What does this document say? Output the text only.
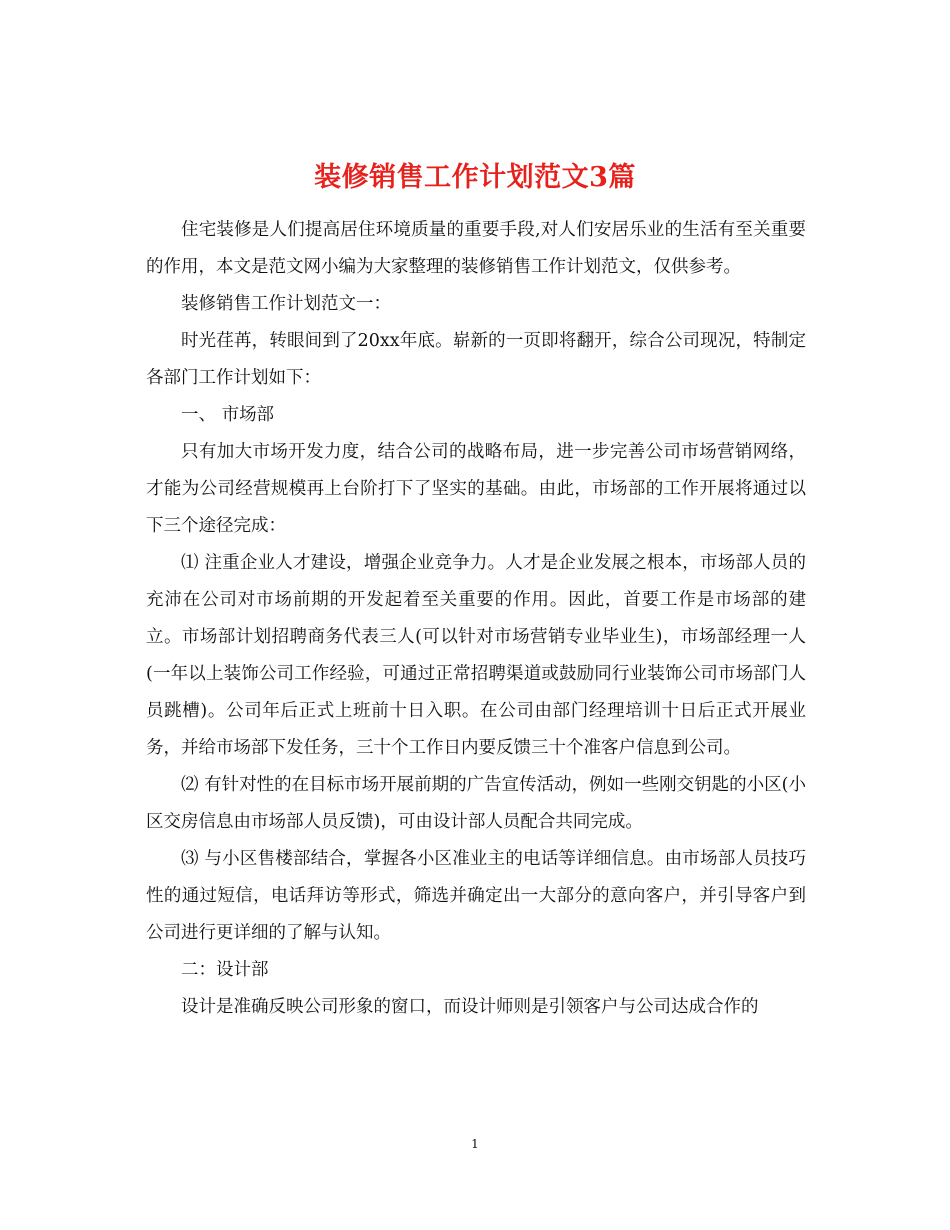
装修销售工作计划范文3篇

住宅装修是人们提高居住环境质量的重要手段,对人们安居乐业的生活有至关重要的作用，本文是范文网小编为大家整理的装修销售工作计划范文，仅供参考。

装修销售工作计划范文一：

时光荏苒，转眼间到了20xx年底。崭新的一页即将翻开，综合公司现况，特制定各部门工作计划如下：

一、 市场部

只有加大市场开发力度，结合公司的战略布局，进一步完善公司市场营销网络，才能为公司经营规模再上台阶打下了坚实的基础。由此，市场部的工作开展将通过以下三个途径完成：

⑴ 注重企业人才建设，增强企业竞争力。人才是企业发展之根本，市场部人员的充沛在公司对市场前期的开发起着至关重要的作用。因此，首要工作是市场部的建立。市场部计划招聘商务代表三人(可以针对市场营销专业毕业生)，市场部经理一人(一年以上装饰公司工作经验，可通过正常招聘渠道或鼓励同行业装饰公司市场部门人员跳槽)。公司年后正式上班前十日入职。在公司由部门经理培训十日后正式开展业务，并给市场部下发任务，三十个工作日内要反馈三十个准客户信息到公司。

⑵ 有针对性的在目标市场开展前期的广告宣传活动，例如一些刚交钥匙的小区(小区交房信息由市场部人员反馈)，可由设计部人员配合共同完成。

⑶ 与小区售楼部结合，掌握各小区准业主的电话等详细信息。由市场部人员技巧性的通过短信，电话拜访等形式，筛选并确定出一大部分的意向客户，并引导客户到公司进行更详细的了解与认知。

二：设计部

设计是准确反映公司形象的窗口，而设计师则是引领客户与公司达成合作的

1
